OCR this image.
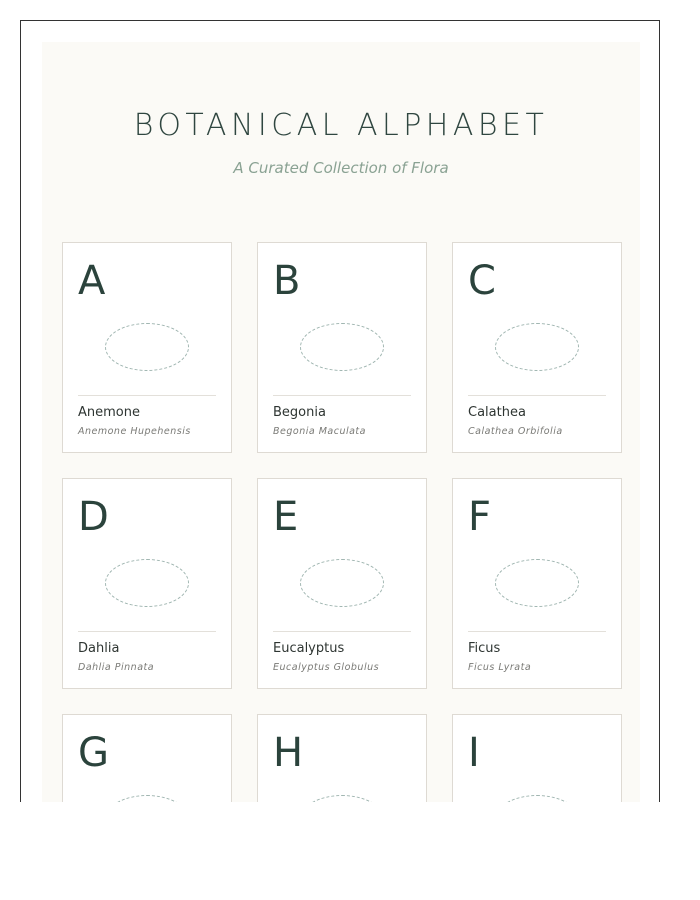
BOTANICAL ALPHABET

A Curated Collection of Flora

A
Anemone
Anemone Hupehensis
B
Begonia
Begonia Maculata
C
Calathea
Calathea Orbifolia
D
Dahlia
Dahlia Pinnata
E
Eucalyptus
Eucalyptus Globulus
F
Ficus
Ficus Lyrata
G	H	I
